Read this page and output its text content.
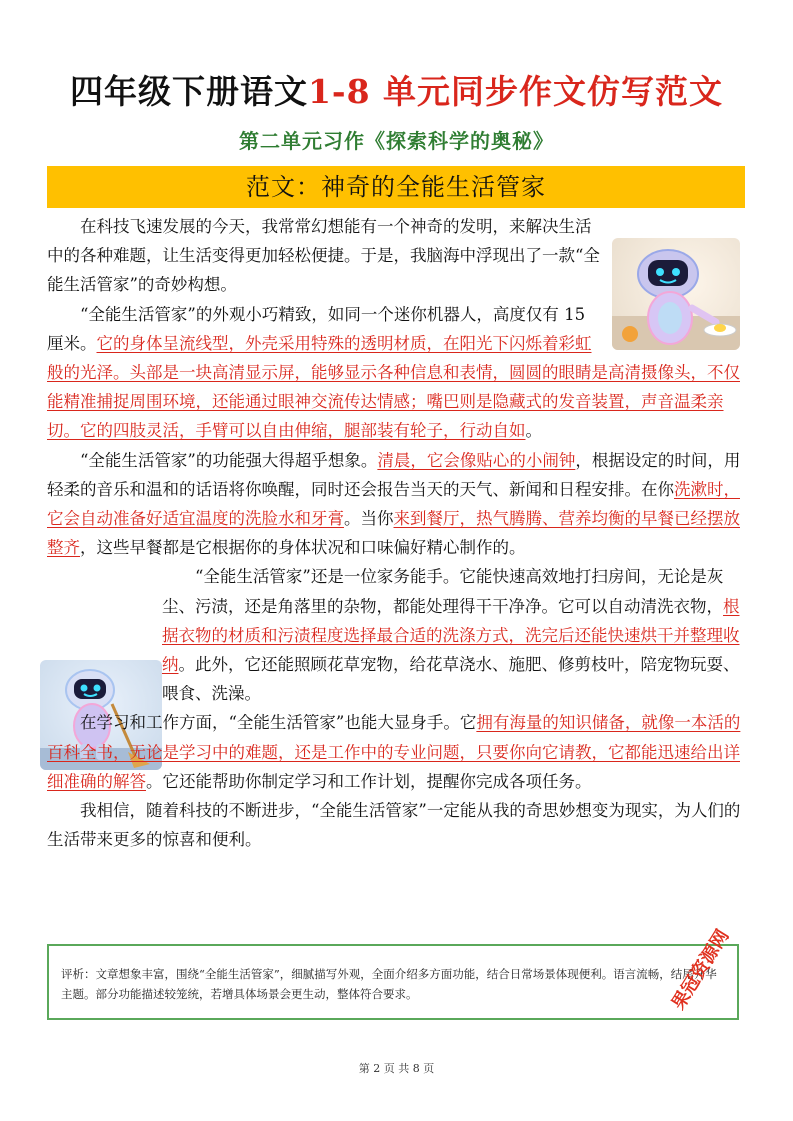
四年级下册语文1-8 单元同步作文仿写范文
第二单元习作《探索科学的奥秘》
范文：神奇的全能生活管家

在科技飞速发展的今天，我常常幻想能有一个神奇的发明，来解决生活中的各种难题，让生活变得更加轻松便捷。于是，我脑海中浮现出了一款“全能生活管家”的奇妙构想。

“全能生活管家”的外观小巧精致，如同一个迷你机器人，高度仅有 15 厘米。它的身体呈流线型，外壳采用特殊的透明材质，在阳光下闪烁着彩虹般的光泽。头部是一块高清显示屏，能够显示各种信息和表情，圆圆的眼睛是高清摄像头，不仅能精准捕捉周围环境，还能通过眼神交流传达情感；嘴巴则是隐藏式的发音装置，声音温柔亲切。它的四肢灵活，手臂可以自由伸缩，腿部装有轮子，行动自如。

“全能生活管家”的功能强大得超乎想象。清晨，它会像贴心的小闹钟，根据设定的时间，用轻柔的音乐和温和的话语将你唤醒，同时还会报告当天的天气、新闻和日程安排。在你洗漱时，它会自动准备好适宜温度的洗脸水和牙膏。当你来到餐厅，热气腾腾、营养均衡的早餐已经摆放整齐，这些早餐都是它根据你的身体状况和口味偏好精心制作的。

“全能生活管家”还是一位家务能手。它能快速高效地打扫房间，无论是灰尘、污渍，还是角落里的杂物，都能处理得干干净净。它可以自动清洗衣物，根据衣物的材质和污渍程度选择最合适的洗涤方式，洗完后还能快速烘干并整理收纳。此外，它还能照顾花草宠物，给花草浇水、施肥、修剪枝叶，陪宠物玩耍、喂食、洗澡。

在学习和工作方面，“全能生活管家”也能大显身手。它拥有海量的知识储备，就像一本活的百科全书，无论是学习中的难题，还是工作中的专业问题，只要你向它请教，它都能迅速给出详细准确的解答。它还能帮助你制定学习和工作计划，提醒你完成各项任务。

我相信，随着科技的不断进步，“全能生活管家”一定能从我的奇思妙想变为现实，为人们的生活带来更多的惊喜和便利。

评析：文章想象丰富，围绕“全能生活管家”，细腻描写外观，全面介绍多方面功能，结合日常场景体现便利。语言流畅，结尾升华主题。部分功能描述较笼统，若增具体场景会更生动，整体符合要求。
第 2 页 共 8 页
果冠资源网
